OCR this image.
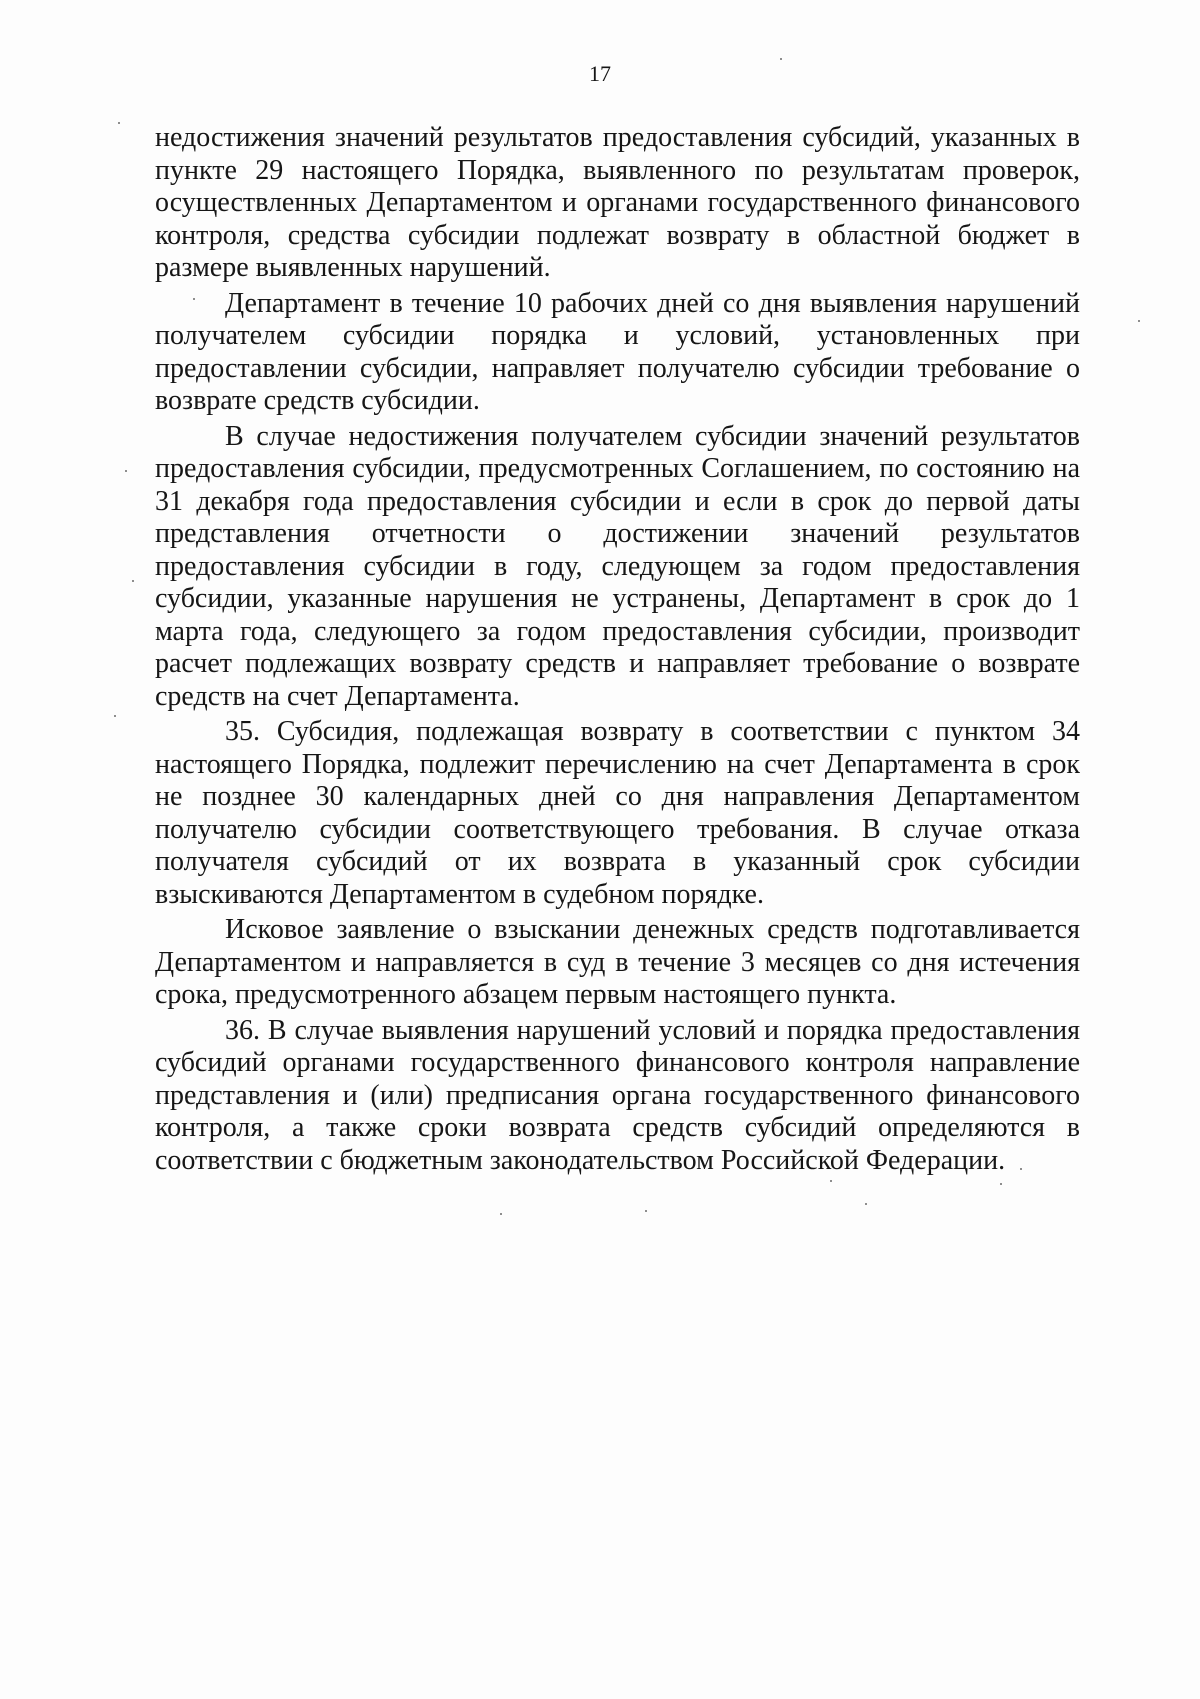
17

недостижения значений результатов предоставления субсидий, указанных в пункте 29 настоящего Порядка, выявленного по результатам проверок, осуществленных Департаментом и органами государственного финансового контроля, средства субсидии подлежат возврату в областной бюджет в размере выявленных нарушений.

Департамент в течение 10 рабочих дней со дня выявления нарушений получателем субсидии порядка и условий, установленных при предоставлении субсидии, направляет получателю субсидии требование о возврате средств субсидии.

В случае недостижения получателем субсидии значений результатов предоставления субсидии, предусмотренных Соглашением, по состоянию на 31 декабря года предоставления субсидии и если в срок до первой даты представления отчетности о достижении значений результатов предоставления субсидии в году, следующем за годом предоставления субсидии, указанные нарушения не устранены, Департамент в срок до 1 марта года, следующего за годом предоставления субсидии, производит расчет подлежащих возврату средств и направляет требование о возврате средств на счет Департамента.

35. Субсидия, подлежащая возврату в соответствии с пунктом 34 настоящего Порядка, подлежит перечислению на счет Департамента в срок не позднее 30 календарных дней со дня направления Департаментом получателю субсидии соответствующего требования. В случае отказа получателя субсидий от их возврата в указанный срок субсидии взыскиваются Департаментом в судебном порядке.

Исковое заявление о взыскании денежных средств подготавливается Департаментом и направляется в суд в течение 3 месяцев со дня истечения срока, предусмотренного абзацем первым настоящего пункта.

36. В случае выявления нарушений условий и порядка предоставления субсидий органами государственного финансового контроля направление представления и (или) предписания органа государственного финансового контроля, а также сроки возврата средств субсидий определяются в соответствии с бюджетным законодательством Российской Федерации.
